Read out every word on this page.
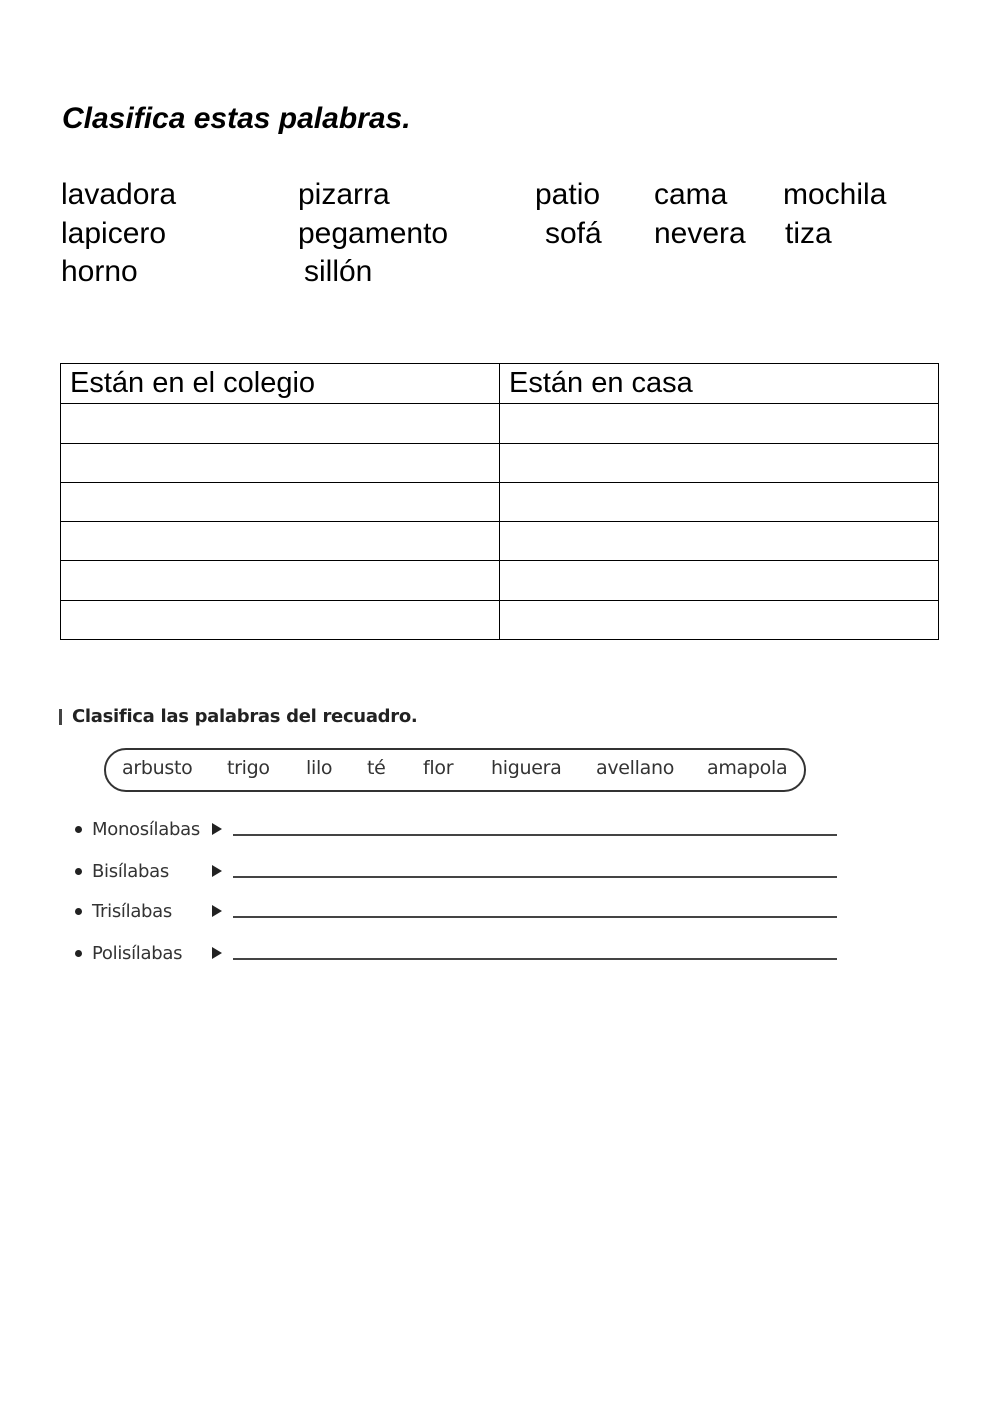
Clasifica estas palabras.
lavadora	pizarra	patio cama mochila
lapicero	pegamento	sofá nevera tiza
horno	sillón
Están en el colegio	Están en casa

Clasifica las palabras del recuadro.
arbusto trigo lilo té flor higuera avellano amapola
Monosílabas
Bisílabas
Trisílabas
Polisílabas
